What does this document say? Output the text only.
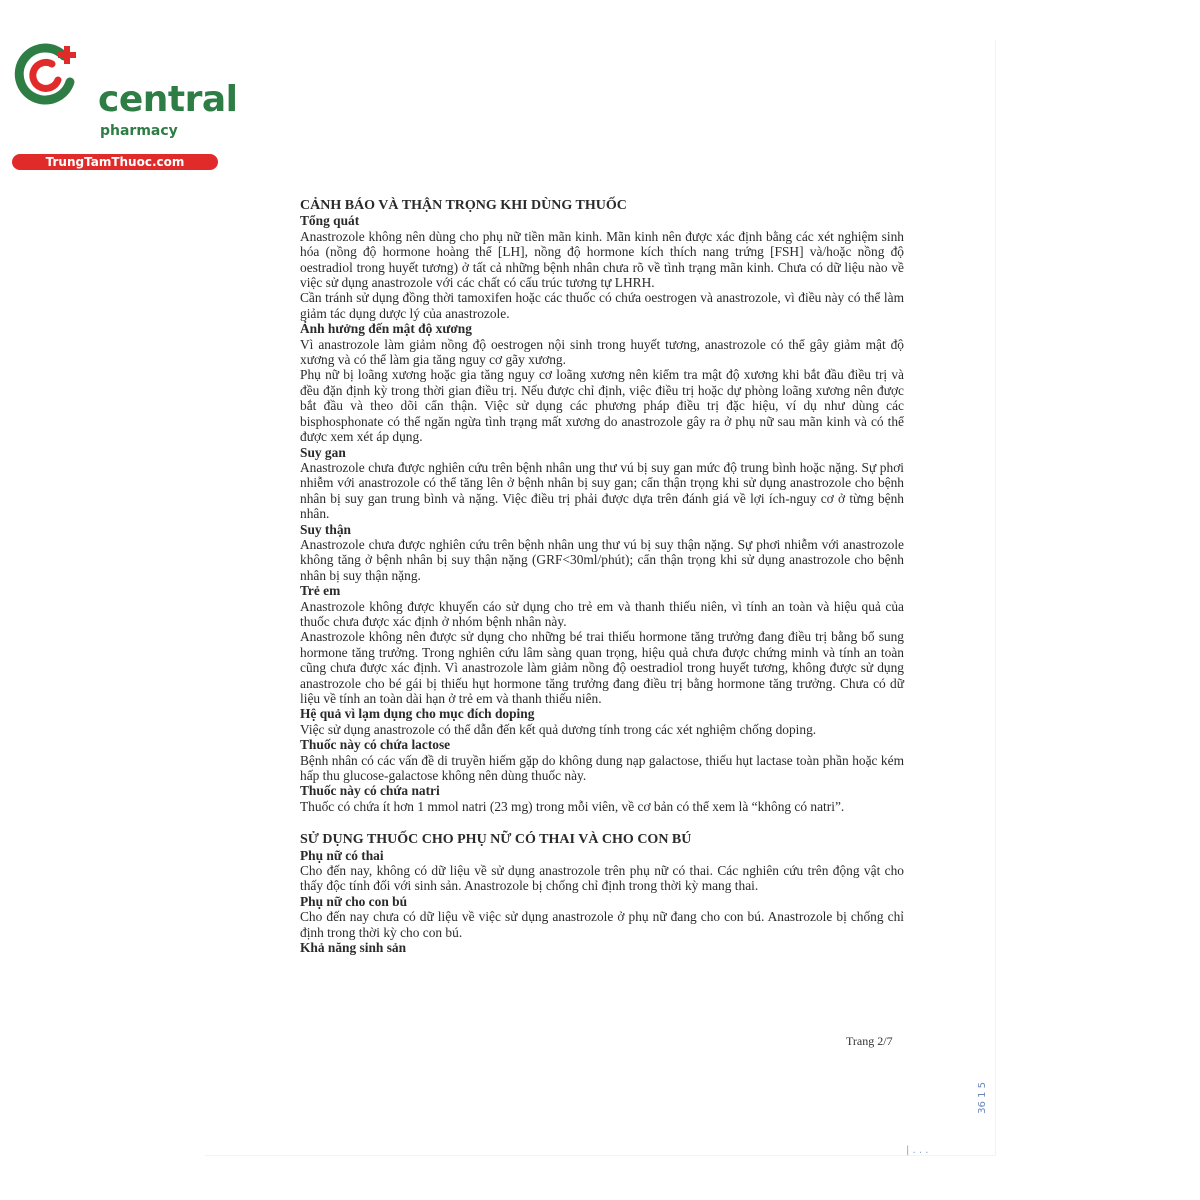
central
pharmacy
TrungTamThuoc.com

CẢNH BÁO VÀ THẬN TRỌNG KHI DÙNG THUỐC

Tổng quát

Anastrozole không nên dùng cho phụ nữ tiền mãn kinh. Mãn kinh nên được xác định bằng các xét nghiệm sinh hóa (nồng độ hormone hoàng thể [LH], nồng độ hormone kích thích nang trứng [FSH] và/hoặc nồng độ oestradiol trong huyết tương) ở tất cả những bệnh nhân chưa rõ về tình trạng mãn kinh. Chưa có dữ liệu nào về việc sử dụng anastrozole với các chất có cấu trúc tương tự LHRH.

Cần tránh sử dụng đồng thời tamoxifen hoặc các thuốc có chứa oestrogen và anastrozole, vì điều này có thể làm giảm tác dụng dược lý của anastrozole.

Ảnh hưởng đến mật độ xương

Vì anastrozole làm giảm nồng độ oestrogen nội sinh trong huyết tương, anastrozole có thể gây giảm mật độ xương và có thể làm gia tăng nguy cơ gãy xương.

Phụ nữ bị loãng xương hoặc gia tăng nguy cơ loãng xương nên kiểm tra mật độ xương khi bắt đầu điều trị và đều đặn định kỳ trong thời gian điều trị. Nếu được chỉ định, việc điều trị hoặc dự phòng loãng xương nên được bắt đầu và theo dõi cẩn thận. Việc sử dụng các phương pháp điều trị đặc hiệu, ví dụ như dùng các bisphosphonate có thể ngăn ngừa tình trạng mất xương do anastrozole gây ra ở phụ nữ sau mãn kinh và có thể được xem xét áp dụng.

Suy gan

Anastrozole chưa được nghiên cứu trên bệnh nhân ung thư vú bị suy gan mức độ trung bình hoặc nặng. Sự phơi nhiễm với anastrozole có thể tăng lên ở bệnh nhân bị suy gan; cẩn thận trọng khi sử dụng anastrozole cho bệnh nhân bị suy gan trung bình và nặng. Việc điều trị phải được dựa trên đánh giá về lợi ích-nguy cơ ở từng bệnh nhân.

Suy thận

Anastrozole chưa được nghiên cứu trên bệnh nhân ung thư vú bị suy thận nặng. Sự phơi nhiễm với anastrozole không tăng ở bệnh nhân bị suy thận nặng (GRF<30ml/phút); cẩn thận trọng khi sử dụng anastrozole cho bệnh nhân bị suy thận nặng.

Trẻ em

Anastrozole không được khuyến cáo sử dụng cho trẻ em và thanh thiếu niên, vì tính an toàn và hiệu quả của thuốc chưa được xác định ở nhóm bệnh nhân này.

Anastrozole không nên được sử dụng cho những bé trai thiếu hormone tăng trưởng đang điều trị bằng bổ sung hormone tăng trưởng. Trong nghiên cứu lâm sàng quan trọng, hiệu quả chưa được chứng minh và tính an toàn cũng chưa được xác định. Vì anastrozole làm giảm nồng độ oestradiol trong huyết tương, không được sử dụng anastrozole cho bé gái bị thiếu hụt hormone tăng trưởng đang điều trị bằng hormone tăng trưởng. Chưa có dữ liệu về tính an toàn dài hạn ở trẻ em và thanh thiếu niên.

Hệ quả vì lạm dụng cho mục đích doping

Việc sử dụng anastrozole có thể dẫn đến kết quả dương tính trong các xét nghiệm chống doping.

Thuốc này có chứa lactose

Bệnh nhân có các vấn đề di truyền hiếm gặp do không dung nạp galactose, thiếu hụt lactase toàn phần hoặc kém hấp thu glucose-galactose không nên dùng thuốc này.

Thuốc này có chứa natri

Thuốc có chứa ít hơn 1 mmol natri (23 mg) trong mỗi viên, về cơ bản có thể xem là “không có natri”.

SỬ DỤNG THUỐC CHO PHỤ NỮ CÓ THAI VÀ CHO CON BÚ

Phụ nữ có thai

Cho đến nay, không có dữ liệu về sử dụng anastrozole trên phụ nữ có thai. Các nghiên cứu trên động vật cho thấy độc tính đối với sinh sản. Anastrozole bị chống chỉ định trong thời kỳ mang thai.

Phụ nữ cho con bú

Cho đến nay chưa có dữ liệu về việc sử dụng anastrozole ở phụ nữ đang cho con bú. Anastrozole bị chống chỉ định trong thời kỳ cho con bú.

Khả năng sinh sản

Trang 2/7
36 1 5
| . . .
